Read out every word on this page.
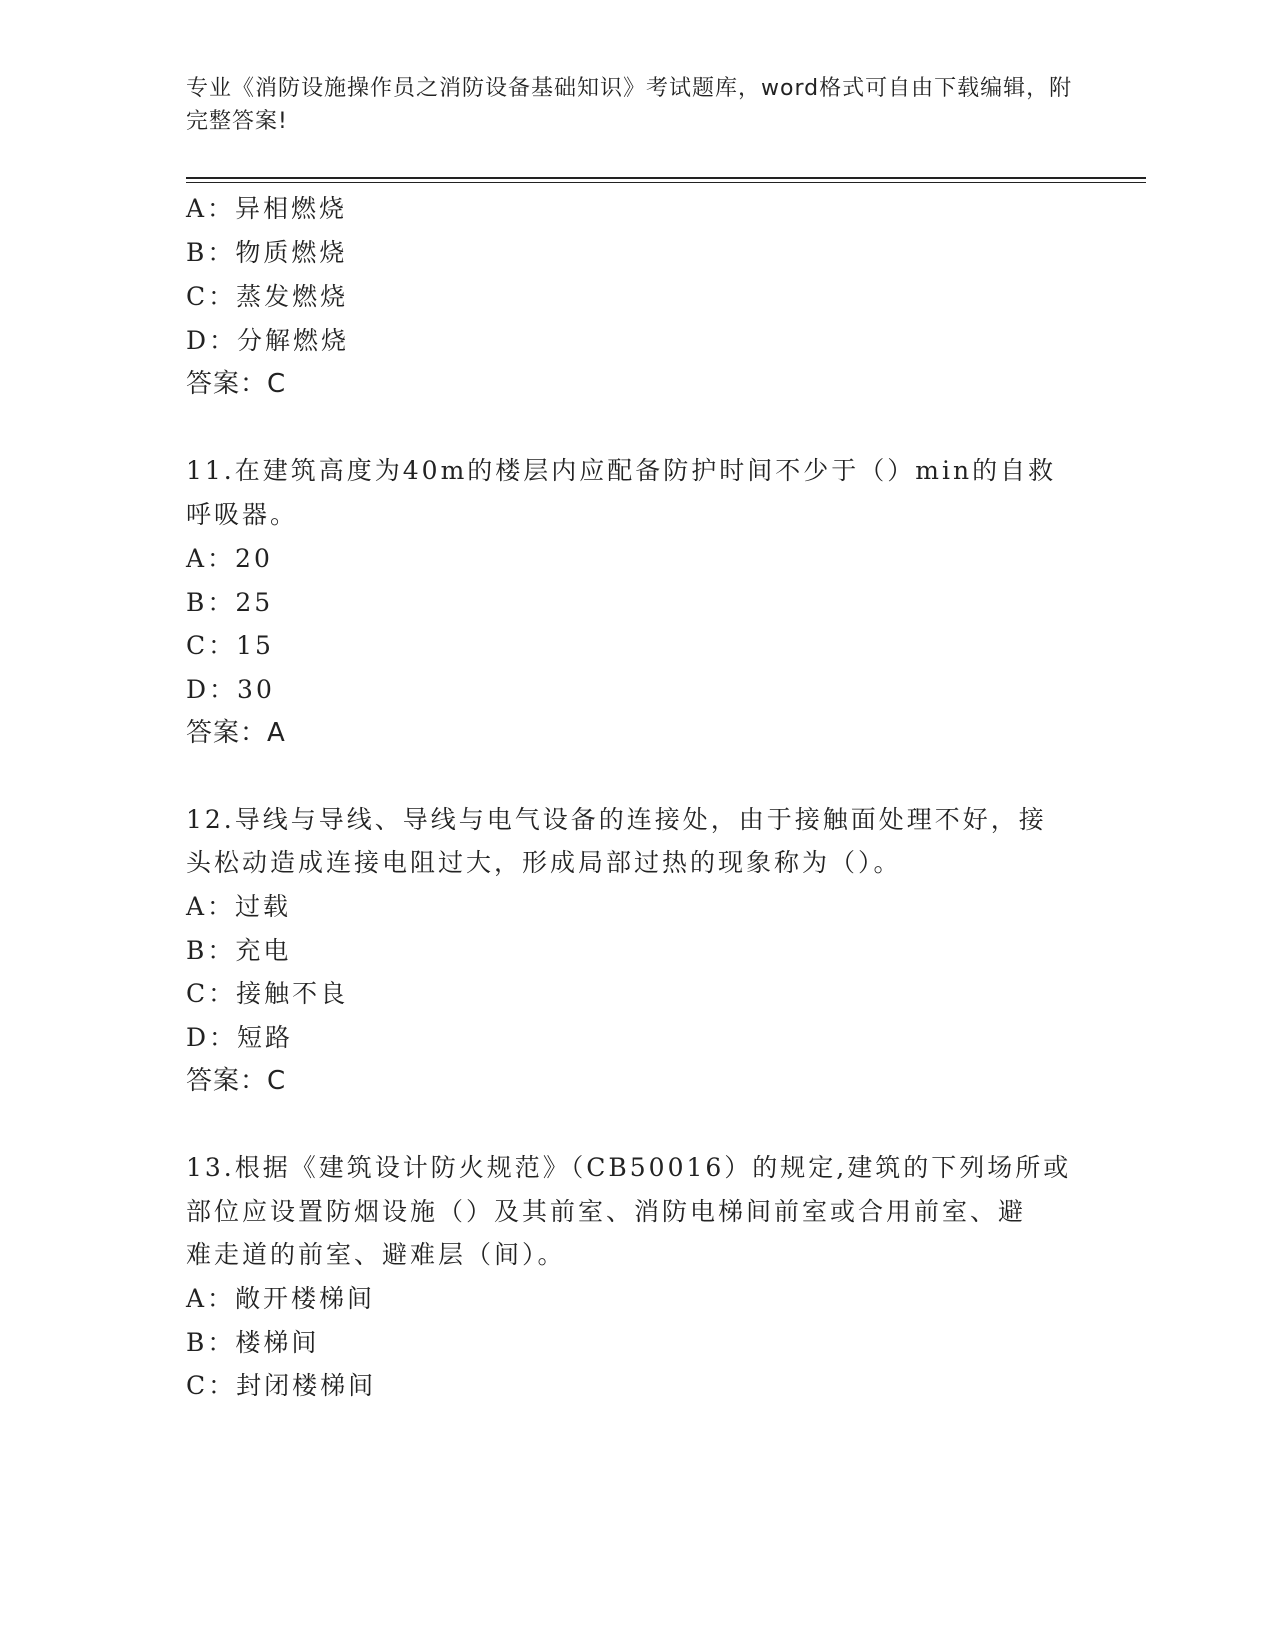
专业《消防设施操作员之消防设备基础知识》考试题库，word格式可自由下载编辑，附完整答案!

A：异相燃烧

B：物质燃烧

C：蒸发燃烧

D：分解燃烧

答案：C

11.在建筑高度为40m的楼层内应配备防护时间不少于（）min的自救

呼吸器。

A：20

B：25

C：15

D：30

答案：A

12.导线与导线、导线与电气设备的连接处，由于接触面处理不好，接

头松动造成连接电阻过大，形成局部过热的现象称为（）。

A：过载

B：充电

C：接触不良

D：短路

答案：C

13.根据《建筑设计防火规范》（CB50016）的规定,建筑的下列场所或

部位应设置防烟设施（）及其前室、消防电梯间前室或合用前室、避

难走道的前室、避难层（间）。

A：敞开楼梯间

B：楼梯间

C：封闭楼梯间
